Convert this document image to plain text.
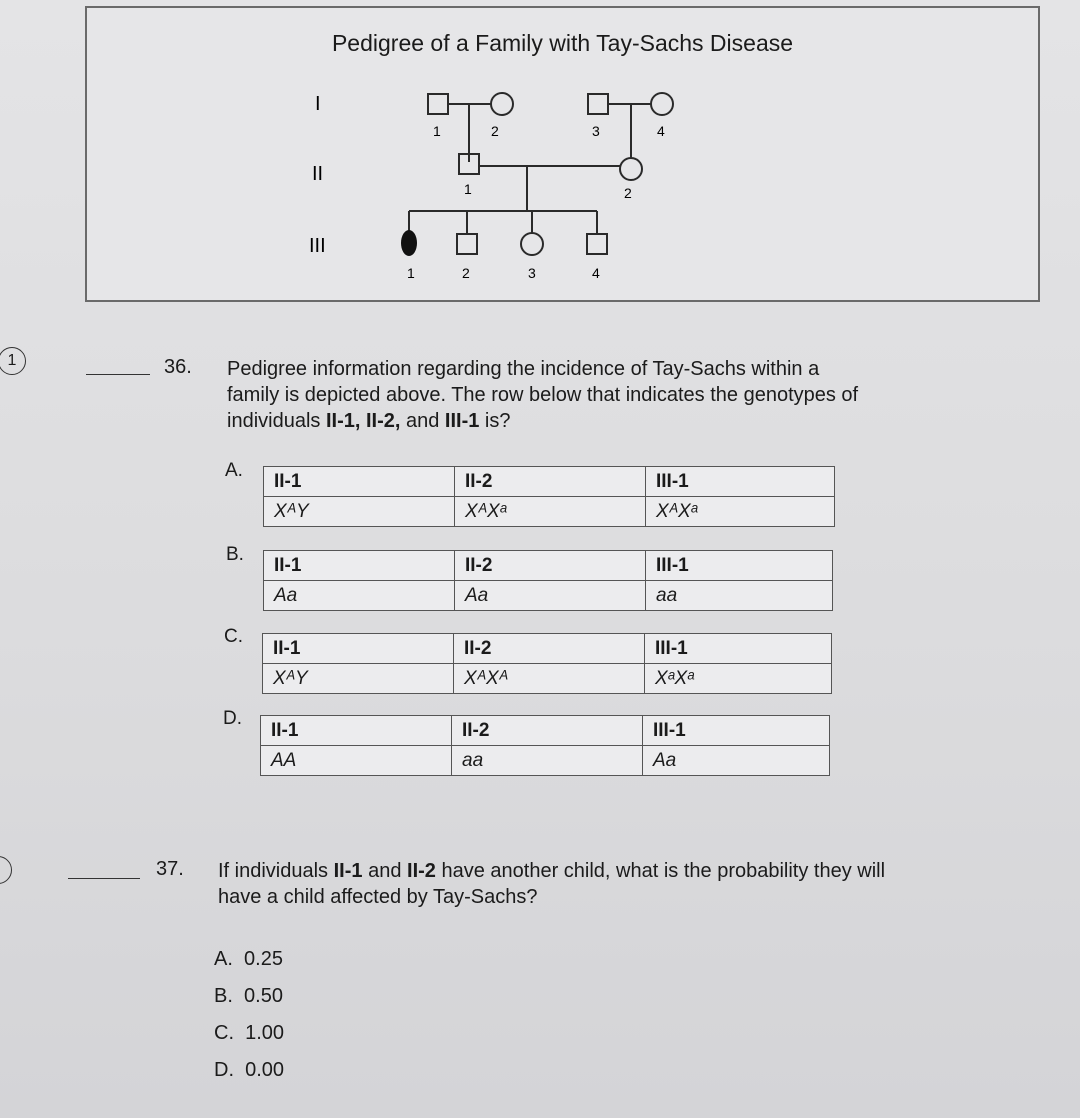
Pedigree of a Family with Tay-Sachs Disease
I
II
III
1	2	3	4
1	2
1	2	3	4
1	36. Pedigree information regarding the incidence of Tay-Sachs within a
family is depicted above. The row below that indicates the genotypes of
individuals II-1, II-2, and III-1 is?
A. II-1	II-2	III-1
XᴬY	XᴬXᵃ	XᴬXᵃ
B. II-1	II-2	III-1
Aa	Aa	aa
C.
II-1	II-2	III-1
XᴬY	XᴬXᴬ	XᵃXᵃ
D.
II-1	II-2	III-1
AA	aa	Aa
37. If individuals II-1 and II-2 have another child, what is the probability they will
have a child affected by Tay-Sachs?
A.  0.25
B.  0.50
C.  1.00
D.  0.00
